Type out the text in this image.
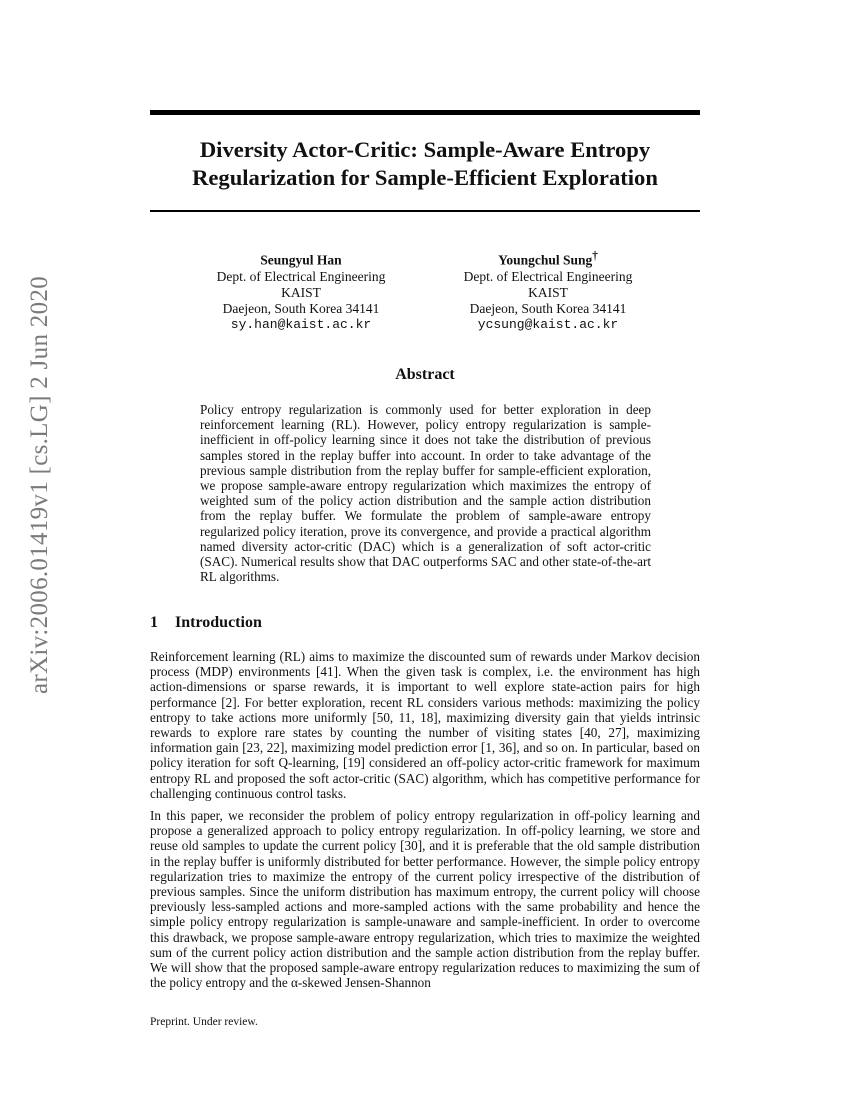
arXiv:2006.01419v1 [cs.LG] 2 Jun 2020
Diversity Actor-Critic: Sample-Aware Entropy Regularization for Sample-Efficient Exploration
Seungyul Han
Dept. of Electrical Engineering
KAIST
Daejeon, South Korea 34141
sy.han@kaist.ac.kr
Youngchul Sung†
Dept. of Electrical Engineering
KAIST
Daejeon, South Korea 34141
ycsung@kaist.ac.kr
Abstract
Policy entropy regularization is commonly used for better exploration in deep reinforcement learning (RL). However, policy entropy regularization is sample-inefficient in off-policy learning since it does not take the distribution of previous samples stored in the replay buffer into account. In order to take advantage of the previous sample distribution from the replay buffer for sample-efficient exploration, we propose sample-aware entropy regularization which maximizes the entropy of weighted sum of the policy action distribution and the sample action distribution from the replay buffer. We formulate the problem of sample-aware entropy regularized policy iteration, prove its convergence, and provide a practical algorithm named diversity actor-critic (DAC) which is a generalization of soft actor-critic (SAC). Numerical results show that DAC outperforms SAC and other state-of-the-art RL algorithms.
1 Introduction
Reinforcement learning (RL) aims to maximize the discounted sum of rewards under Markov decision process (MDP) environments [41]. When the given task is complex, i.e. the environment has high action-dimensions or sparse rewards, it is important to well explore state-action pairs for high performance [2]. For better exploration, recent RL considers various methods: maximizing the policy entropy to take actions more uniformly [50, 11, 18], maximizing diversity gain that yields intrinsic rewards to explore rare states by counting the number of visiting states [40, 27], maximizing information gain [23, 22], maximizing model prediction error [1, 36], and so on. In particular, based on policy iteration for soft Q-learning, [19] considered an off-policy actor-critic framework for maximum entropy RL and proposed the soft actor-critic (SAC) algorithm, which has competitive performance for challenging continuous control tasks.
In this paper, we reconsider the problem of policy entropy regularization in off-policy learning and propose a generalized approach to policy entropy regularization. In off-policy learning, we store and reuse old samples to update the current policy [30], and it is preferable that the old sample distribution in the replay buffer is uniformly distributed for better performance. However, the simple policy entropy regularization tries to maximize the entropy of the current policy irrespective of the distribution of previous samples. Since the uniform distribution has maximum entropy, the current policy will choose previously less-sampled actions and more-sampled actions with the same probability and hence the simple policy entropy regularization is sample-unaware and sample-inefficient. In order to overcome this drawback, we propose sample-aware entropy regularization, which tries to maximize the weighted sum of the current policy action distribution and the sample action distribution from the replay buffer. We will show that the proposed sample-aware entropy regularization reduces to maximizing the sum of the policy entropy and the α-skewed Jensen-Shannon
Preprint. Under review.
